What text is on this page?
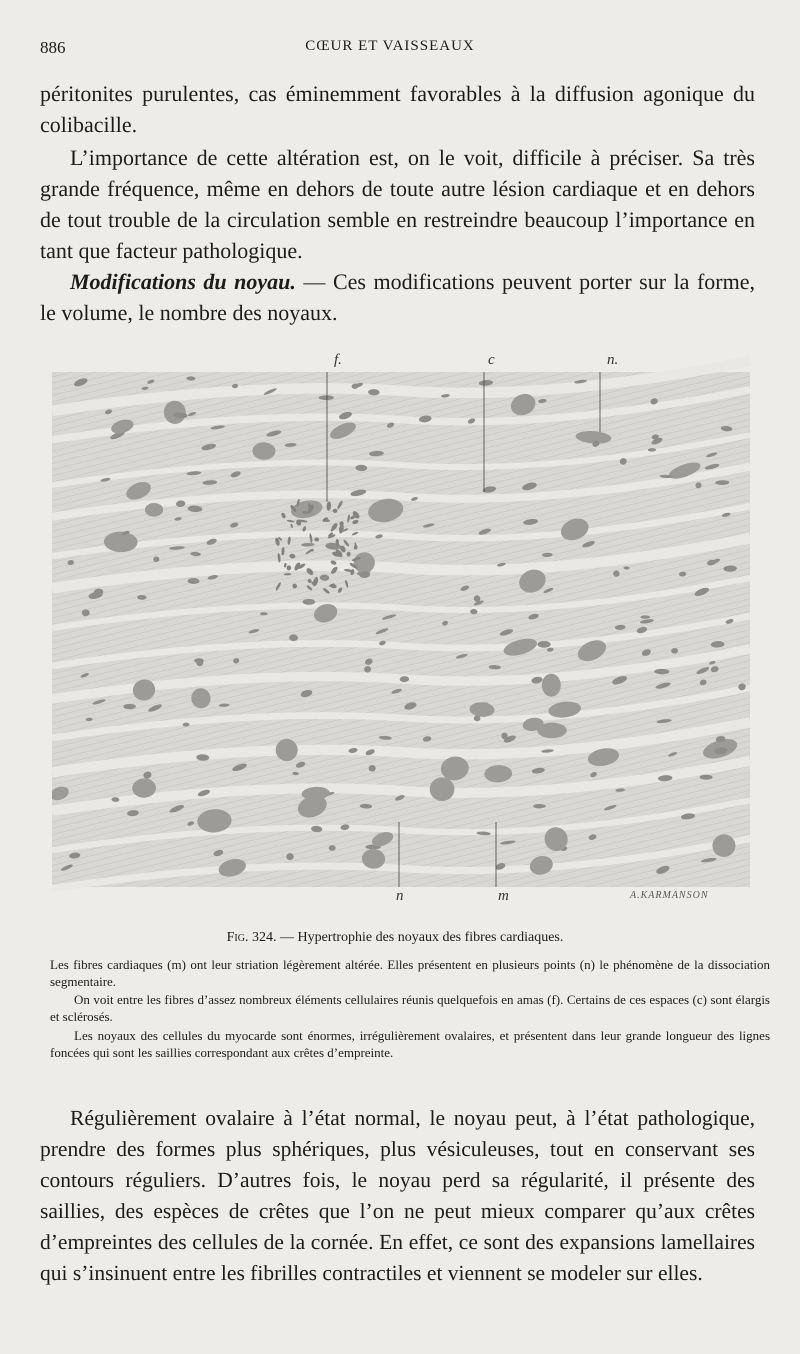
886	CŒUR ET VAISSEAUX

péritonites purulentes, cas éminemment favorables à la diffusion agonique du colibacille.

L’importance de cette altération est, on le voit, difficile à préciser. Sa très grande fréquence, même en dehors de toute autre lésion cardiaque et en dehors de tout trouble de la circulation semble en restreindre beaucoup l’importance en tant que facteur pathologique.

Modifications du noyau. — Ces modifications peuvent porter sur la forme, le volume, le nombre des noyaux.

f.	c	n.
n	m	A.KARMANSON
Fig. 324. — Hypertrophie des noyaux des fibres cardiaques.

Les fibres cardiaques (m) ont leur striation légèrement altérée. Elles présentent en plusieurs points (n) le phénomène de la dissociation segmentaire.

On voit entre les fibres d’assez nombreux éléments cellulaires réunis quelquefois en amas (f). Certains de ces espaces (c) sont élargis et sclérosés.

Les noyaux des cellules du myocarde sont énormes, irrégulièrement ovalaires, et présentent dans leur grande longueur des lignes foncées qui sont les saillies correspondant aux crêtes d’empreinte.

Régulièrement ovalaire à l’état normal, le noyau peut, à l’état pathologique, prendre des formes plus sphériques, plus vésiculeuses, tout en conservant ses contours réguliers. D’autres fois, le noyau perd sa régularité, il présente des saillies, des espèces de crêtes que l’on ne peut mieux comparer qu’aux crêtes d’empreintes des cellules de la cornée. En effet, ce sont des expansions lamellaires qui s’insinuent entre les fibrilles contractiles et viennent se modeler sur elles.
